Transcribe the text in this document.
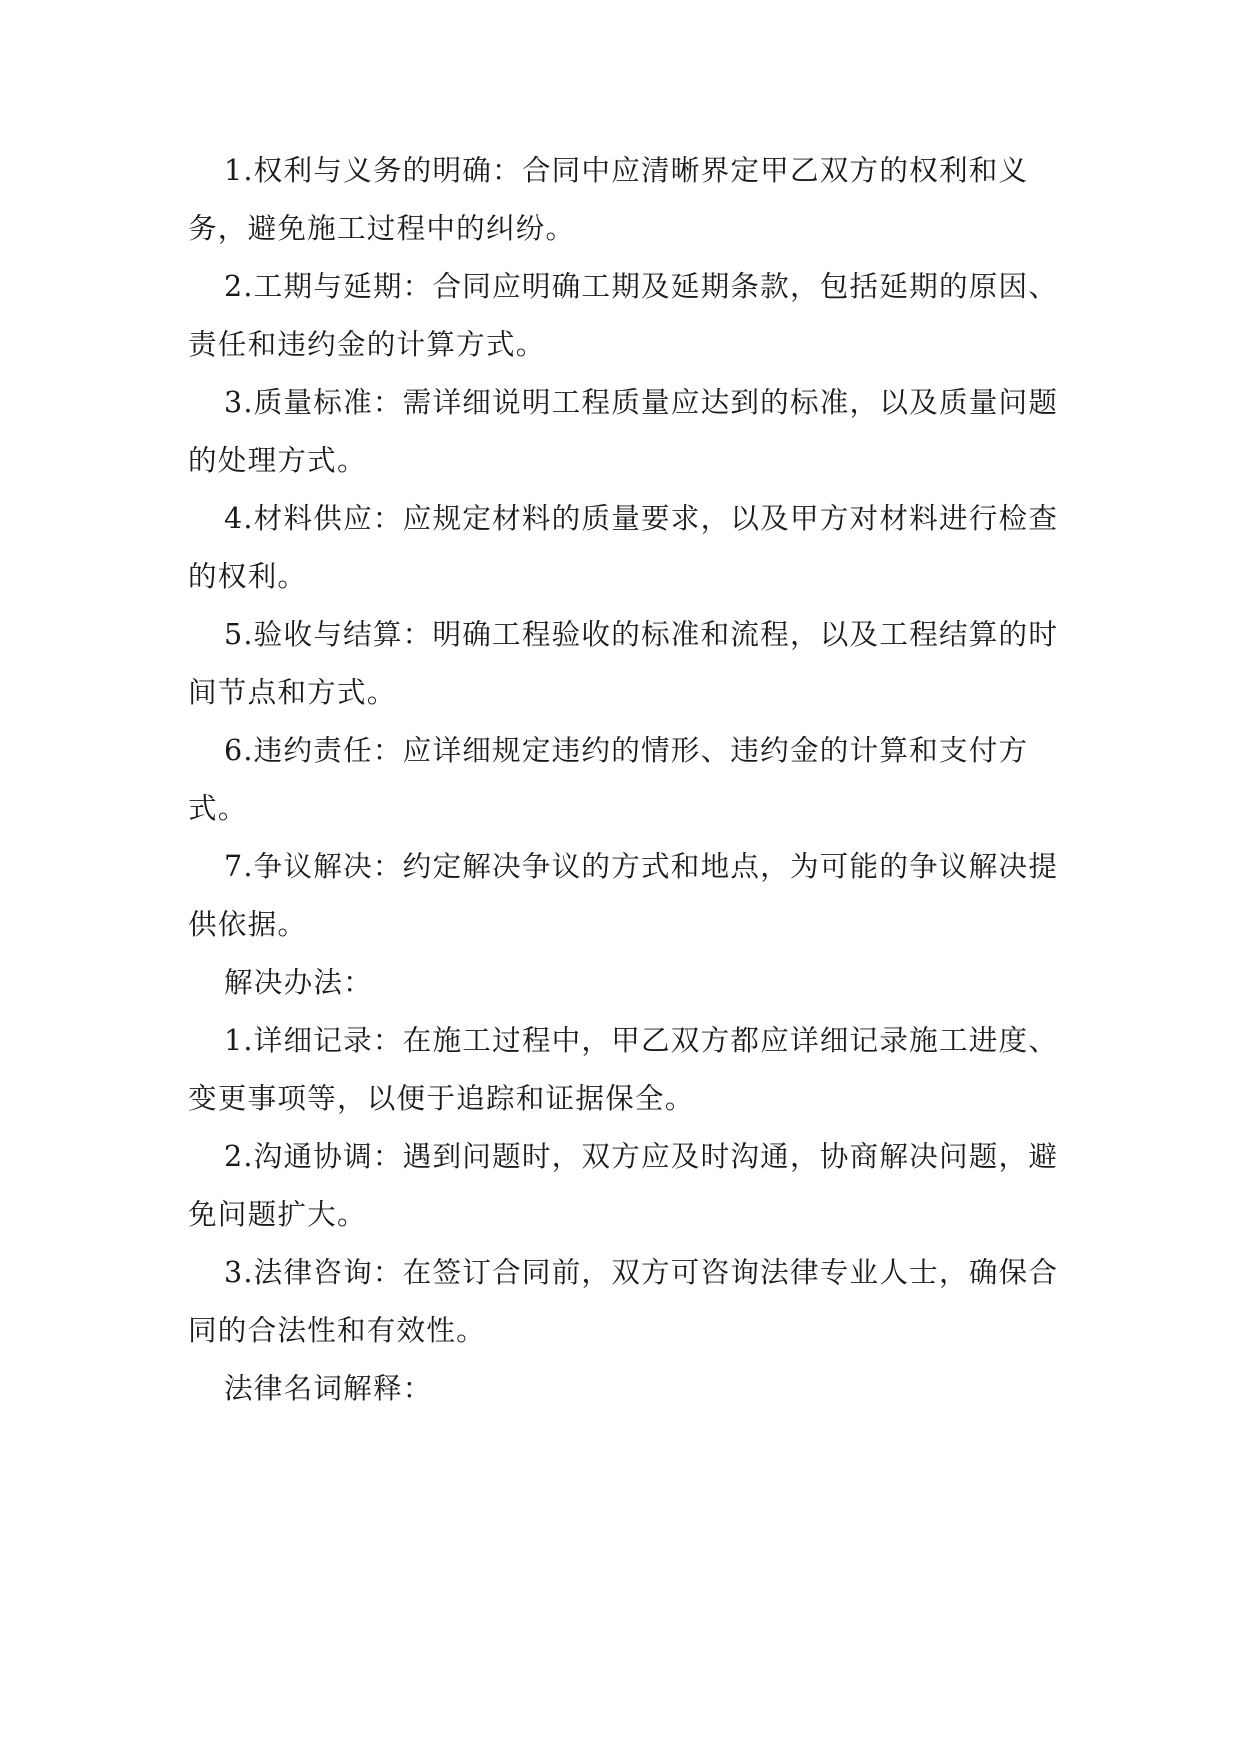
1.权利与义务的明确：合同中应清晰界定甲乙双方的权利和义
务，避免施工过程中的纠纷。

2.工期与延期：合同应明确工期及延期条款，包括延期的原因、
责任和违约金的计算方式。

3.质量标准：需详细说明工程质量应达到的标准，以及质量问题
的处理方式。

4.材料供应：应规定材料的质量要求，以及甲方对材料进行检查
的权利。

5.验收与结算：明确工程验收的标准和流程，以及工程结算的时
间节点和方式。

6.违约责任：应详细规定违约的情形、违约金的计算和支付方
式。

7.争议解决：约定解决争议的方式和地点，为可能的争议解决提
供依据。

解决办法：

1.详细记录：在施工过程中，甲乙双方都应详细记录施工进度、
变更事项等，以便于追踪和证据保全。

2.沟通协调：遇到问题时，双方应及时沟通，协商解决问题，避
免问题扩大。

3.法律咨询：在签订合同前，双方可咨询法律专业人士，确保合
同的合法性和有效性。

法律名词解释：
